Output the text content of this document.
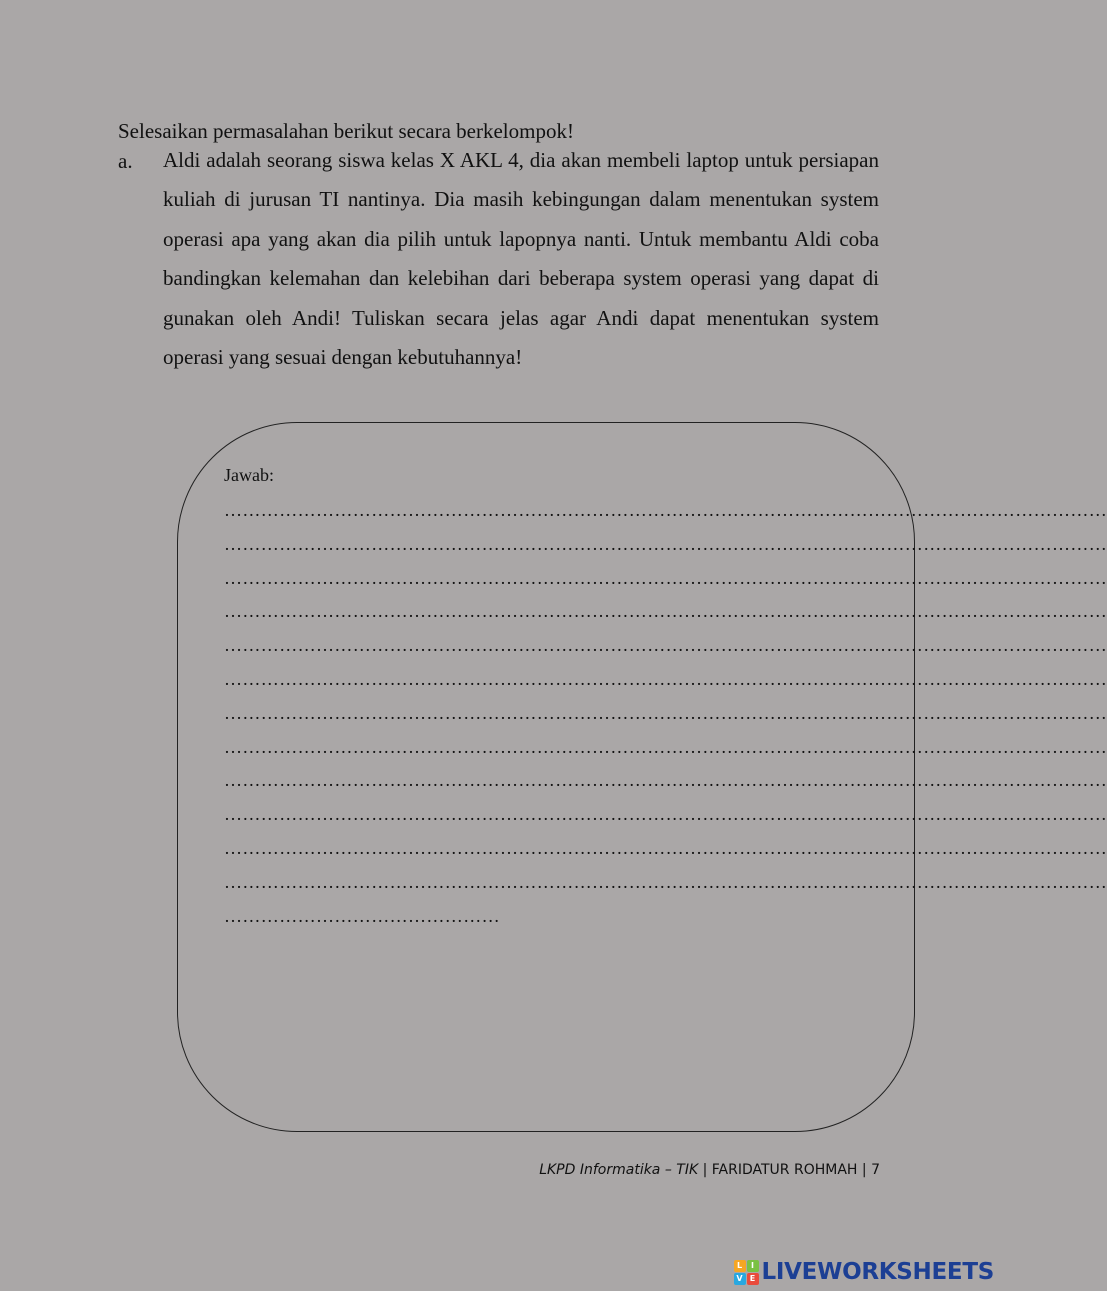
Selesaikan permasalahan berikut secara berkelompok!
a. Aldi adalah seorang siswa kelas X AKL 4, dia akan membeli laptop untuk persiapan kuliah di jurusan TI nantinya. Dia masih kebingungan dalam menentukan system operasi apa yang akan dia pilih untuk lapopnya nanti. Untuk membantu Aldi coba bandingkan kelemahan dan kelebihan dari beberapa system operasi yang dapat di gunakan oleh Andi! Tuliskan secara jelas agar Andi dapat menentukan system operasi yang sesuai dengan kebutuhannya!
Jawab:
………………………………………………………………………………………………………………………………
………………………………………………………………………………………………………………………………
………………………………………………………………………………………………………………………………
………………………………………………………………………………………………………………………………
………………………………………………………………………………………………………………………………
………………………………………………………………………………………………………………………………
………………………………………………………………………………………………………………………………
………………………………………………………………………………………………………………………………
………………………………………………………………………………………………………………………………
………………………………………………………………………………………………………………………………
………………………………………………………………………………………………………………………………
………………………………………………………………………………………………………………………………
………………………………………
LKPD Informatika – TIK | FARIDATUR ROHMAH | 7
L	I
V E LIVEWORKSHEETS
